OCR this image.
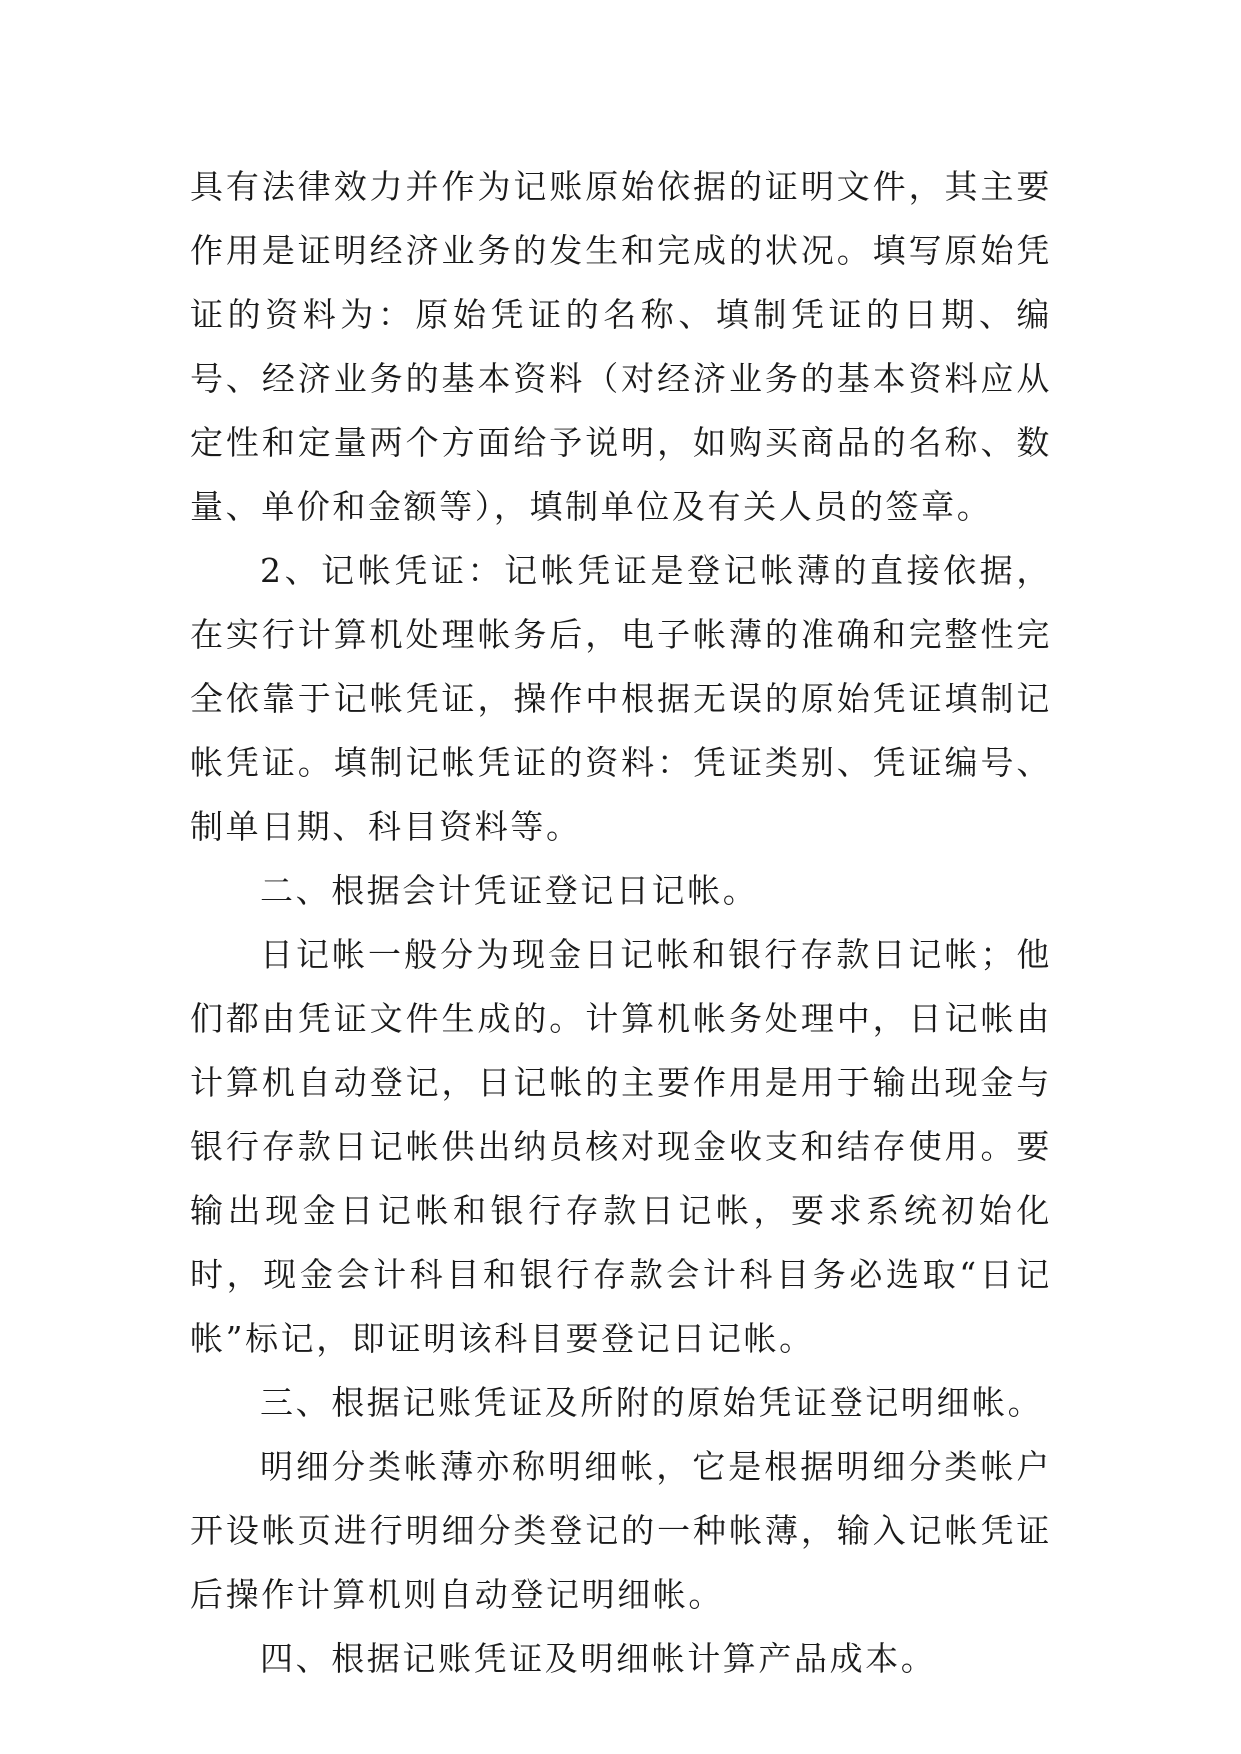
具有法律效力并作为记账原始依据的证明文件，其主要作用是证明经济业务的发生和完成的状况。填写原始凭证的资料为：原始凭证的名称、填制凭证的日期、编号、经济业务的基本资料（对经济业务的基本资料应从定性和定量两个方面给予说明，如购买商品的名称、数量、单价和金额等），填制单位及有关人员的签章。

2、记帐凭证：记帐凭证是登记帐薄的直接依据，在实行计算机处理帐务后，电子帐薄的准确和完整性完全依靠于记帐凭证，操作中根据无误的原始凭证填制记帐凭证。填制记帐凭证的资料：凭证类别、凭证编号、制单日期、科目资料等。

二、根据会计凭证登记日记帐。

日记帐一般分为现金日记帐和银行存款日记帐；他们都由凭证文件生成的。计算机帐务处理中，日记帐由计算机自动登记，日记帐的主要作用是用于输出现金与银行存款日记帐供出纳员核对现金收支和结存使用。要输出现金日记帐和银行存款日记帐，要求系统初始化时，现金会计科目和银行存款会计科目务必选取“日记帐”标记，即证明该科目要登记日记帐。

三、根据记账凭证及所附的原始凭证登记明细帐。

明细分类帐薄亦称明细帐，它是根据明细分类帐户开设帐页进行明细分类登记的一种帐薄，输入记帐凭证后操作计算机则自动登记明细帐。

四、根据记账凭证及明细帐计算产品成本。
